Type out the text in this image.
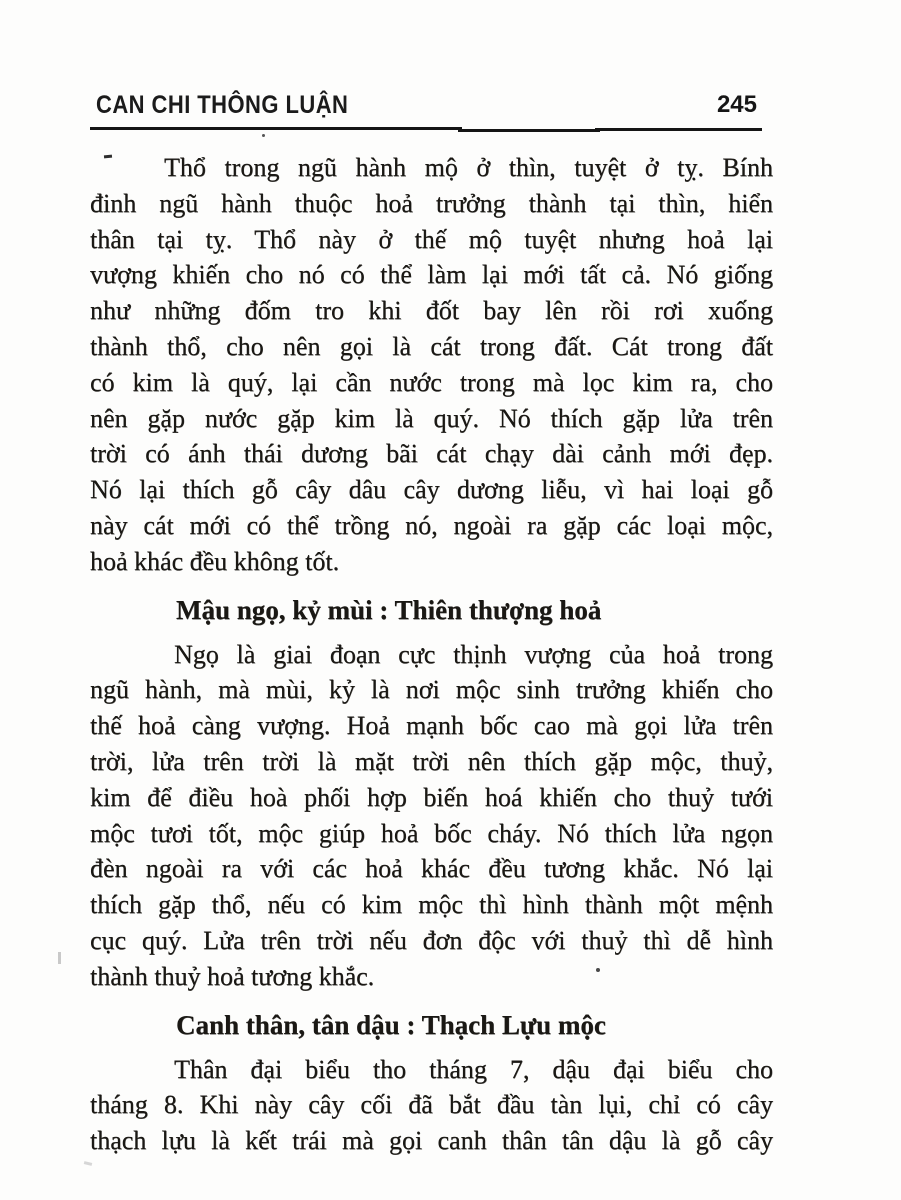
CAN CHI THÔNG LUẬN	245
Thổ trong ngũ hành mộ ở thìn, tuyệt ở tỵ. Bính
đinh ngũ hành thuộc hoả trưởng thành tại thìn, hiển
thân tại tỵ. Thổ này ở thế mộ tuyệt nhưng hoả lại
vượng khiến cho nó có thể làm lại mới tất cả. Nó giống
như những đốm tro khi đốt bay lên rồi rơi xuống
thành thổ, cho nên gọi là cát trong đất. Cát trong đất
có kim là quý, lại cần nước trong mà lọc kim ra, cho
nên gặp nước gặp kim là quý. Nó thích gặp lửa trên
trời có ánh thái dương bãi cát chạy dài cảnh mới đẹp.
Nó lại thích gỗ cây dâu cây dương liễu, vì hai loại gỗ
này cát mới có thể trồng nó, ngoài ra gặp các loại mộc,
hoả khác đều không tốt.
Mậu ngọ, kỷ mùi : Thiên thượng hoả
Ngọ là giai đoạn cực thịnh vượng của hoả trong
ngũ hành, mà mùi, kỷ là nơi mộc sinh trưởng khiến cho
thế hoả càng vượng. Hoả mạnh bốc cao mà gọi lửa trên
trời, lửa trên trời là mặt trời nên thích gặp mộc, thuỷ,
kim để điều hoà phối hợp biến hoá khiến cho thuỷ tưới
mộc tươi tốt, mộc giúp hoả bốc cháy. Nó thích lửa ngọn
đèn ngoài ra với các hoả khác đều tương khắc. Nó lại
thích gặp thổ, nếu có kim mộc thì hình thành một mệnh
cục quý. Lửa trên trời nếu đơn độc với thuỷ thì dễ hình
thành thuỷ hoả tương khắc.
Canh thân, tân dậu : Thạch Lựu mộc
Thân đại biểu tho tháng 7, dậu đại biểu cho
tháng 8. Khi này cây cối đã bắt đầu tàn lụi, chỉ có cây
thạch lựu là kết trái mà gọi canh thân tân dậu là gỗ cây
